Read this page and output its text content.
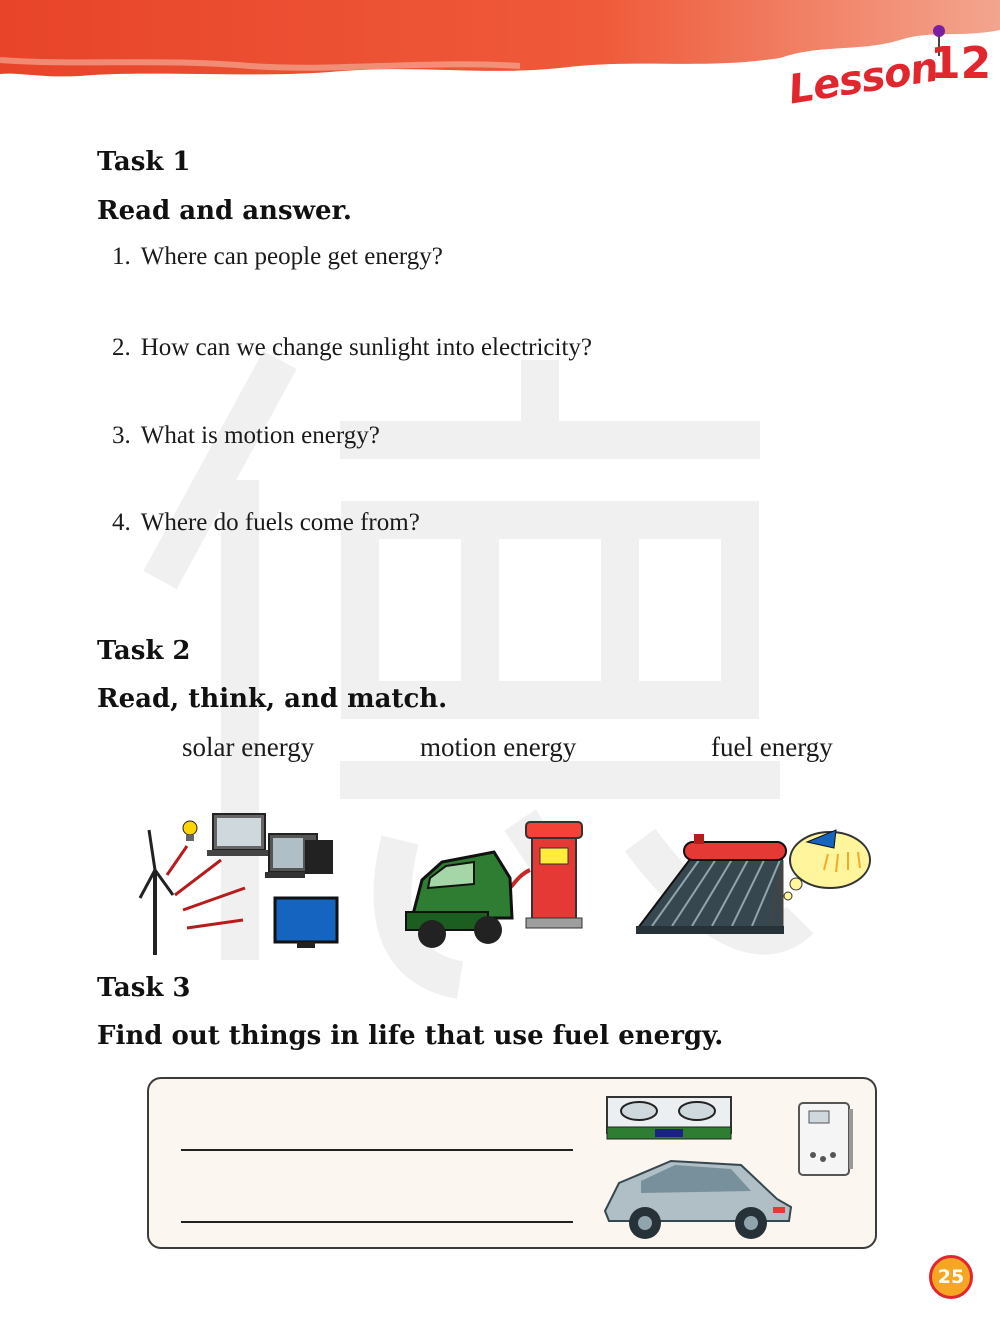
Lesson
12
Task 1
Read and answer.
1. Where can people get energy?
2. How can we change sunlight into electricity?
3. What is motion energy?
4. Where do fuels come from?
Task 2
Read, think, and match.
solar energy	motion energy	fuel energy
Task 3
Find out things in life that use fuel energy.
25
